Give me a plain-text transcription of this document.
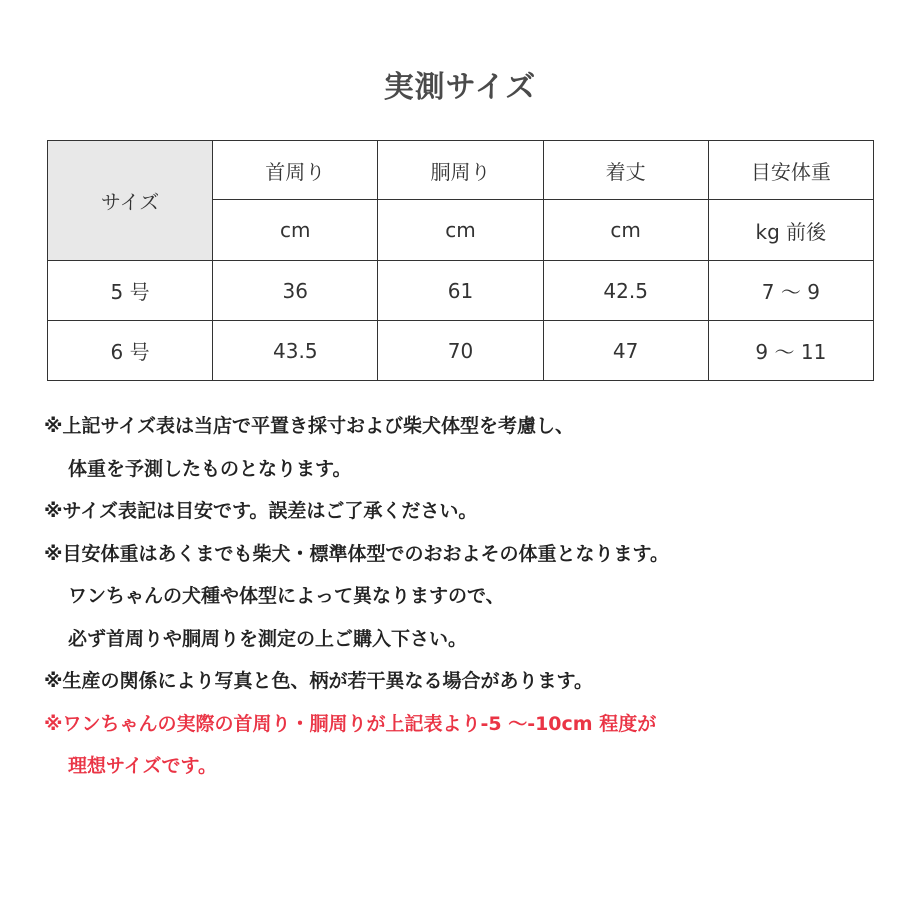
実測サイズ
サイズ	首周り	胴周り	着丈	目安体重
	cm	cm	cm	kg 前後
5 号	36	61	42.5	7 〜 9
6 号	43.5	70	47	9 〜 11
※上記サイズ表は当店で平置き採寸および柴犬体型を考慮し、
体重を予測したものとなります。
※サイズ表記は目安です。誤差はご了承ください。
※目安体重はあくまでも柴犬・標準体型でのおおよその体重となります。
ワンちゃんの犬種や体型によって異なりますので、
必ず首周りや胴周りを測定の上ご購入下さい。
※生産の関係により写真と色、柄が若干異なる場合があります。
※ワンちゃんの実際の首周り・胴周りが上記表より-5 〜-10cm 程度が
理想サイズです。
